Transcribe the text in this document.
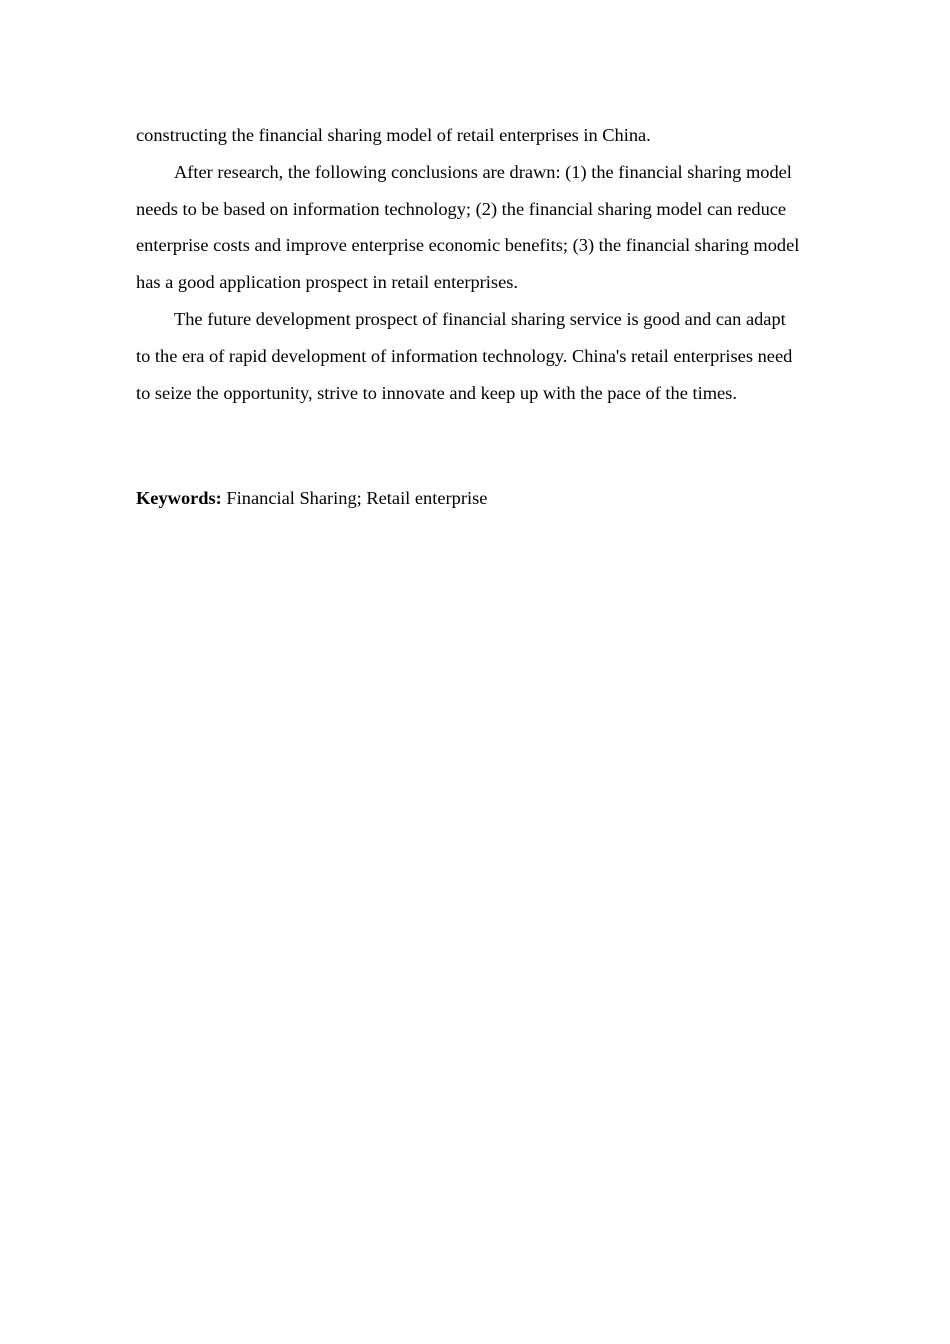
constructing the financial sharing model of retail enterprises in China.

After research, the following conclusions are drawn: (1) the financial sharing model needs to be based on information technology; (2) the financial sharing model can reduce enterprise costs and improve enterprise economic benefits; (3) the financial sharing model has a good application prospect in retail enterprises.

The future development prospect of financial sharing service is good and can adapt to the era of rapid development of information technology. China's retail enterprises need to seize the opportunity, strive to innovate and keep up with the pace of the times.

Keywords: Financial Sharing; Retail enterprise
